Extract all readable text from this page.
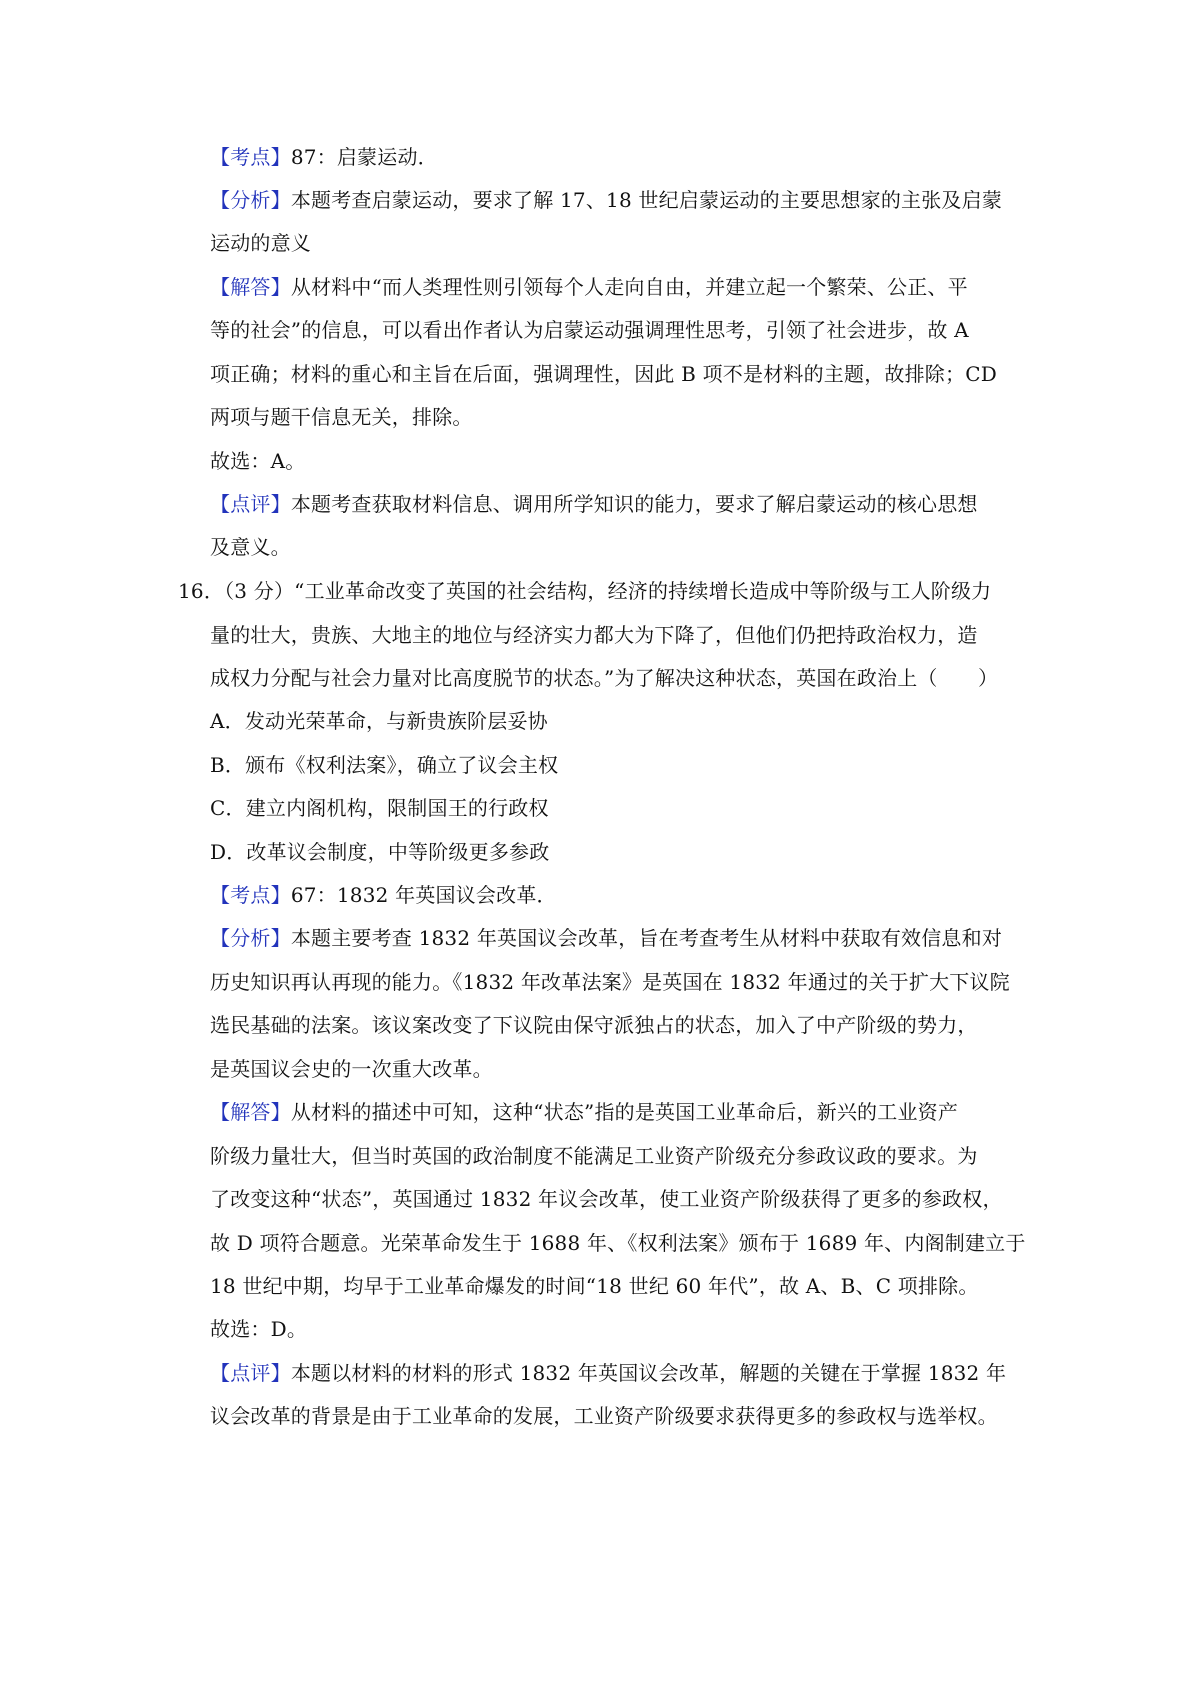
【考点】87：启蒙运动．
【分析】本题考查启蒙运动，要求了解 17、18 世纪启蒙运动的主要思想家的主张及启蒙
运动的意义
【解答】从材料中“而人类理性则引领每个人走向自由，并建立起一个繁荣、公正、平
等的社会”的信息，可以看出作者认为启蒙运动强调理性思考，引领了社会进步，故 A
项正确；材料的重心和主旨在后面，强调理性，因此 B 项不是材料的主题，故排除；CD
两项与题干信息无关，排除。
故选：A。
【点评】本题考查获取材料信息、调用所学知识的能力，要求了解启蒙运动的核心思想
及意义。
16．（3 分）“工业革命改变了英国的社会结构，经济的持续增长造成中等阶级与工人阶级力
量的壮大，贵族、大地主的地位与经济实力都大为下降了，但他们仍把持政治权力，造
成权力分配与社会力量对比高度脱节的状态。”为了解决这种状态，英国在政治上（　　）
A．发动光荣革命，与新贵族阶层妥协
B．颁布《权利法案》，确立了议会主权
C．建立内阁机构，限制国王的行政权
D．改革议会制度，中等阶级更多参政
【考点】67：1832 年英国议会改革．
【分析】本题主要考查 1832 年英国议会改革，旨在考查考生从材料中获取有效信息和对
历史知识再认再现的能力。《1832 年改革法案》是英国在 1832 年通过的关于扩大下议院
选民基础的法案。该议案改变了下议院由保守派独占的状态，加入了中产阶级的势力，
是英国议会史的一次重大改革。
【解答】从材料的描述中可知，这种“状态”指的是英国工业革命后，新兴的工业资产
阶级力量壮大，但当时英国的政治制度不能满足工业资产阶级充分参政议政的要求。为
了改变这种“状态”，英国通过 1832 年议会改革，使工业资产阶级获得了更多的参政权，
故 D 项符合题意。光荣革命发生于 1688 年、《权利法案》颁布于 1689 年、内阁制建立于
18 世纪中期，均早于工业革命爆发的时间“18 世纪 60 年代”，故 A、B、C 项排除。
故选：D。
【点评】本题以材料的材料的形式 1832 年英国议会改革，解题的关键在于掌握 1832 年
议会改革的背景是由于工业革命的发展，工业资产阶级要求获得更多的参政权与选举权。
